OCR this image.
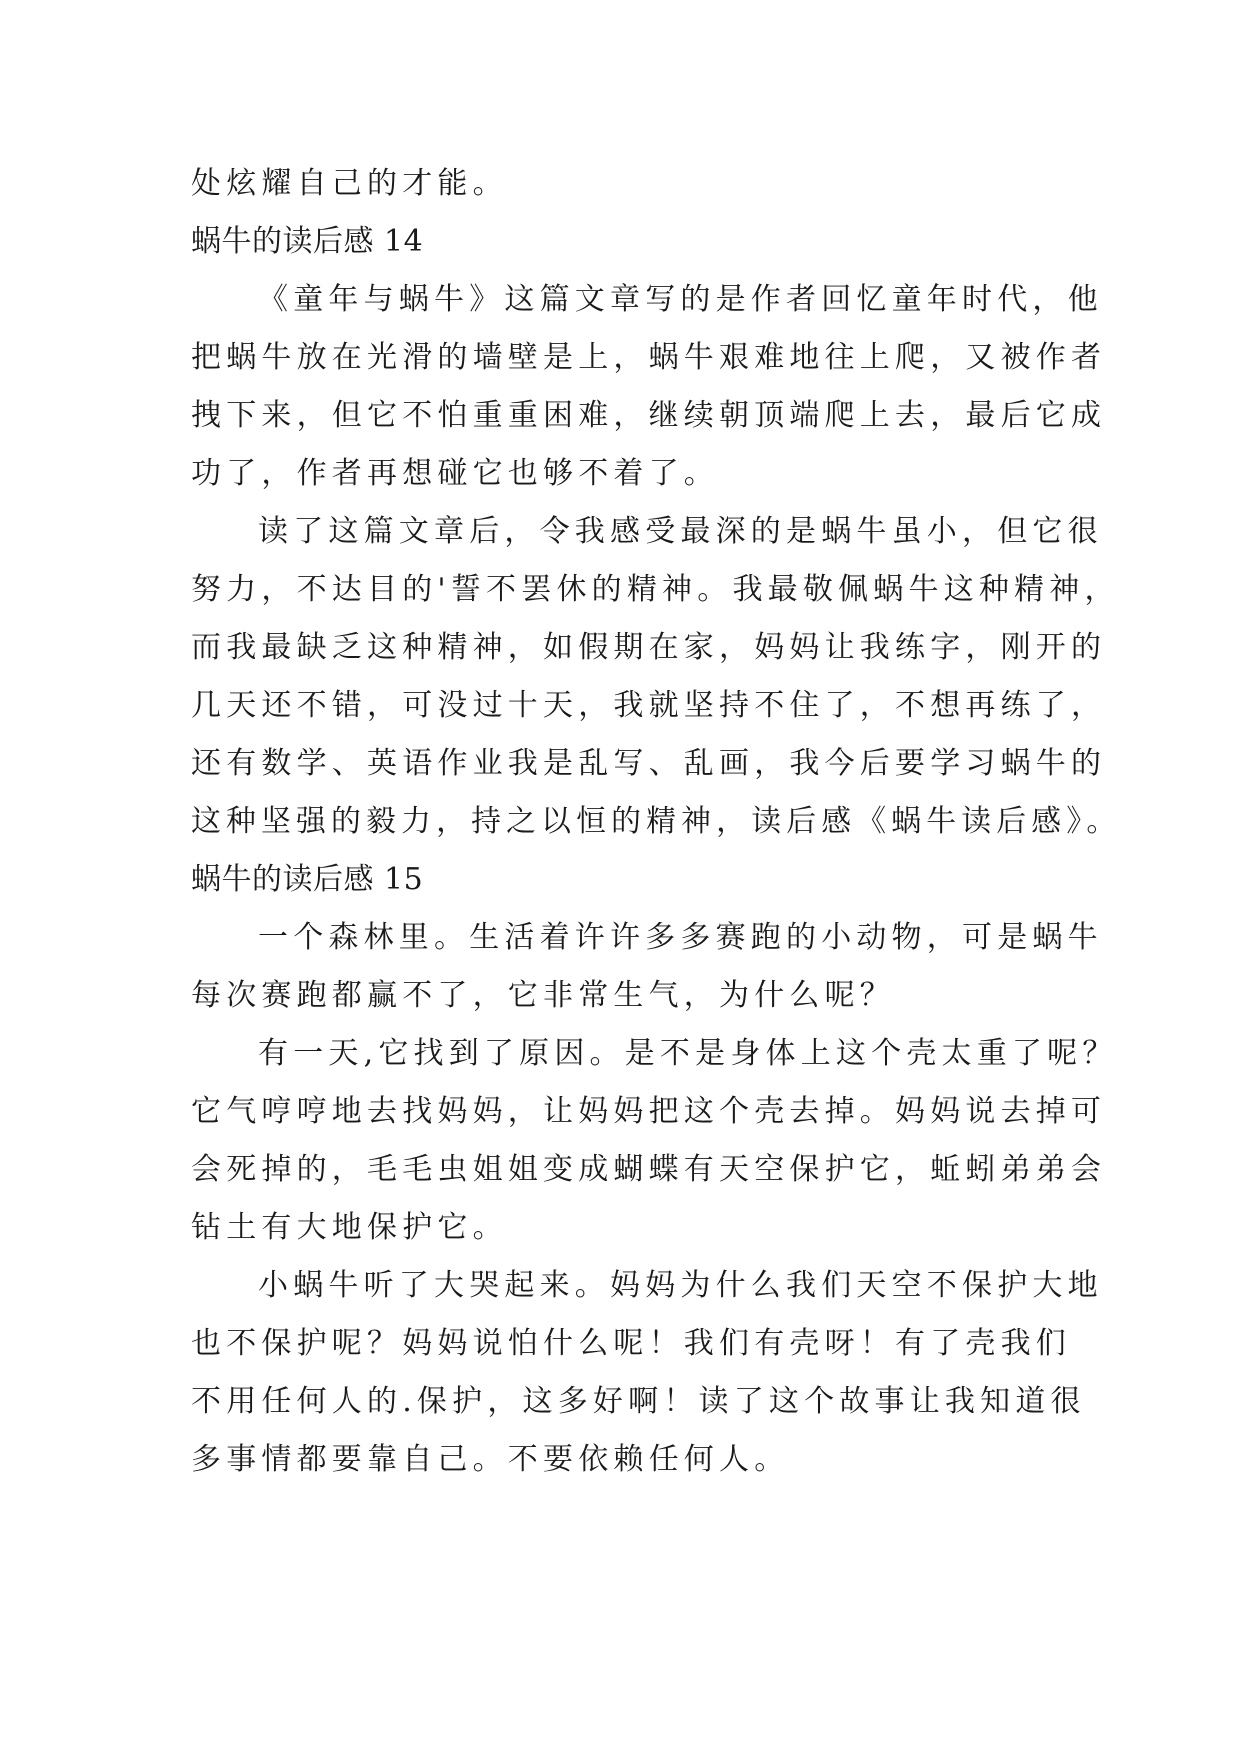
处炫耀自己的才能。
蜗牛的读后感 14
《童年与蜗牛》这篇文章写的是作者回忆童年时代，他
把蜗牛放在光滑的墙壁是上，蜗牛艰难地往上爬，又被作者
拽下来，但它不怕重重困难，继续朝顶端爬上去，最后它成
功了，作者再想碰它也够不着了。
读了这篇文章后，令我感受最深的是蜗牛虽小，但它很
努力，不达目的'誓不罢休的精神。我最敬佩蜗牛这种精神，
而我最缺乏这种精神，如假期在家，妈妈让我练字，刚开的
几天还不错，可没过十天，我就坚持不住了，不想再练了，
还有数学、英语作业我是乱写、乱画，我今后要学习蜗牛的
这种坚强的毅力，持之以恒的精神，读后感《蜗牛读后感》。
蜗牛的读后感 15
一个森林里。生活着许许多多赛跑的小动物，可是蜗牛
每次赛跑都赢不了，它非常生气，为什么呢？
有一天,它找到了原因。是不是身体上这个壳太重了呢？
它气哼哼地去找妈妈，让妈妈把这个壳去掉。妈妈说去掉可
会死掉的，毛毛虫姐姐变成蝴蝶有天空保护它，蚯蚓弟弟会
钻土有大地保护它。
小蜗牛听了大哭起来。妈妈为什么我们天空不保护大地
也不保护呢？妈妈说怕什么呢！我们有壳呀！有了壳我们
不用任何人的.保护，这多好啊！读了这个故事让我知道很
多事情都要靠自己。不要依赖任何人。
